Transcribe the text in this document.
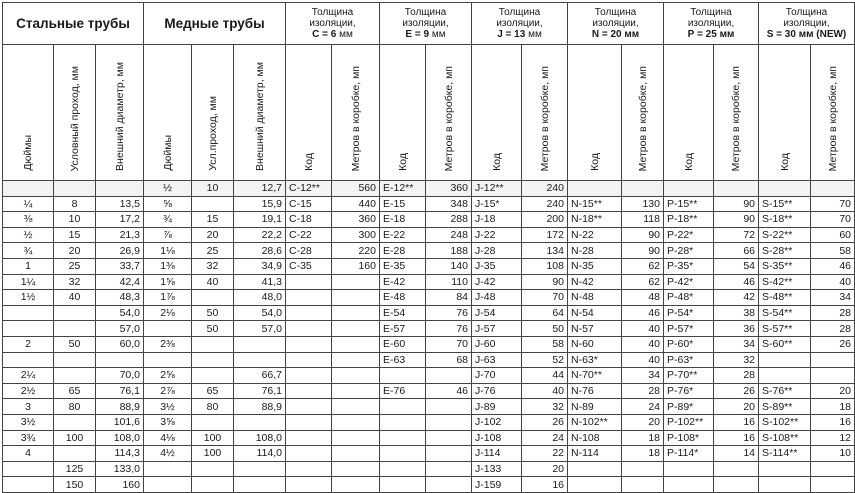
Стальные трубы			Медные трубы			Толщина
изоляции,
С = 6 мм		Толщина
изоляции,
Е = 9 мм		Толщина
изоляции,
J = 13 мм		Толщина
изоляции,
N = 20 мм		Толщина
изоляции,
Р = 25 мм		Толщина
изоляции,
S = 30 мм (NEW)	
Дюймы	Условный проход, мм	Внешний диаметр, мм	Дюймы	Усл.проход, мм	Внешний диаметр, мм	Код	Метров в коробке, мп	Код	Метров в коробке, мп	Код	Метров в коробке, мп	Код	Метров в коробке, мп	Код	Метров в коробке, мп	Код	Метров в коробке, мп
			½	10	12,7	C-12**	560	E-12**	360	J-12**	240						
¼	8	13,5	⅝		15,9	C-15	440	E-15	348	J-15*	240	N-15**	130	P-15**	90	S-15**	70
⅜	10	17,2	¾	15	19,1	C-18	360	E-18	288	J-18	200	N-18**	118	P-18**	90	S-18**	70
½	15	21,3	⅞	20	22,2	C-22	300	E-22	248	J-22	172	N-22	90	P-22*	72	S-22**	60
¾	20	26,9	1⅛	25	28,6	C-28	220	E-28	188	J-28	134	N-28	90	P-28*	66	S-28**	58
1	25	33,7	1⅜	32	34,9	C-35	160	E-35	140	J-35	108	N-35	62	P-35*	54	S-35**	46
1¼	32	42,4	1⅝	40	41,3			E-42	110	J-42	90	N-42	62	P-42*	46	S-42**	40
1½	40	48,3	1⅞		48,0			E-48	84	J-48	70	N-48	48	P-48*	42	S-48**	34
		54,0	2⅛	50	54,0			E-54	76	J-54	64	N-54	46	P-54*	38	S-54**	28
		57,0		50	57,0			E-57	76	J-57	50	N-57	40	P-57*	36	S-57**	28
2	50	60,0	2⅜					E-60	70	J-60	58	N-60	40	P-60*	34	S-60**	26
								E-63	68	J-63	52	N-63*	40	P-63*	32		
2¼		70,0	2⅝		66,7					J-70	44	N-70**	34	P-70**	28		
2½	65	76,1	2⅞	65	76,1			E-76	46	J-76	40	N-76	28	P-76*	26	S-76**	20
3	80	88,9	3½	80	88,9					J-89	32	N-89	24	P-89*	20	S-89**	18
3½		101,6	3⅝							J-102	26	N-102**	20	P-102**	16	S-102**	16
3¾	100	108,0	4⅛	100	108,0					J-108	24	N-108	18	P-108*	16	S-108**	12
4		114,3	4½	100	114,0					J-114	22	N-114	18	P-114*	14	S-114**	10
	125	133,0								J-133	20						
	150	160								J-159	16						
